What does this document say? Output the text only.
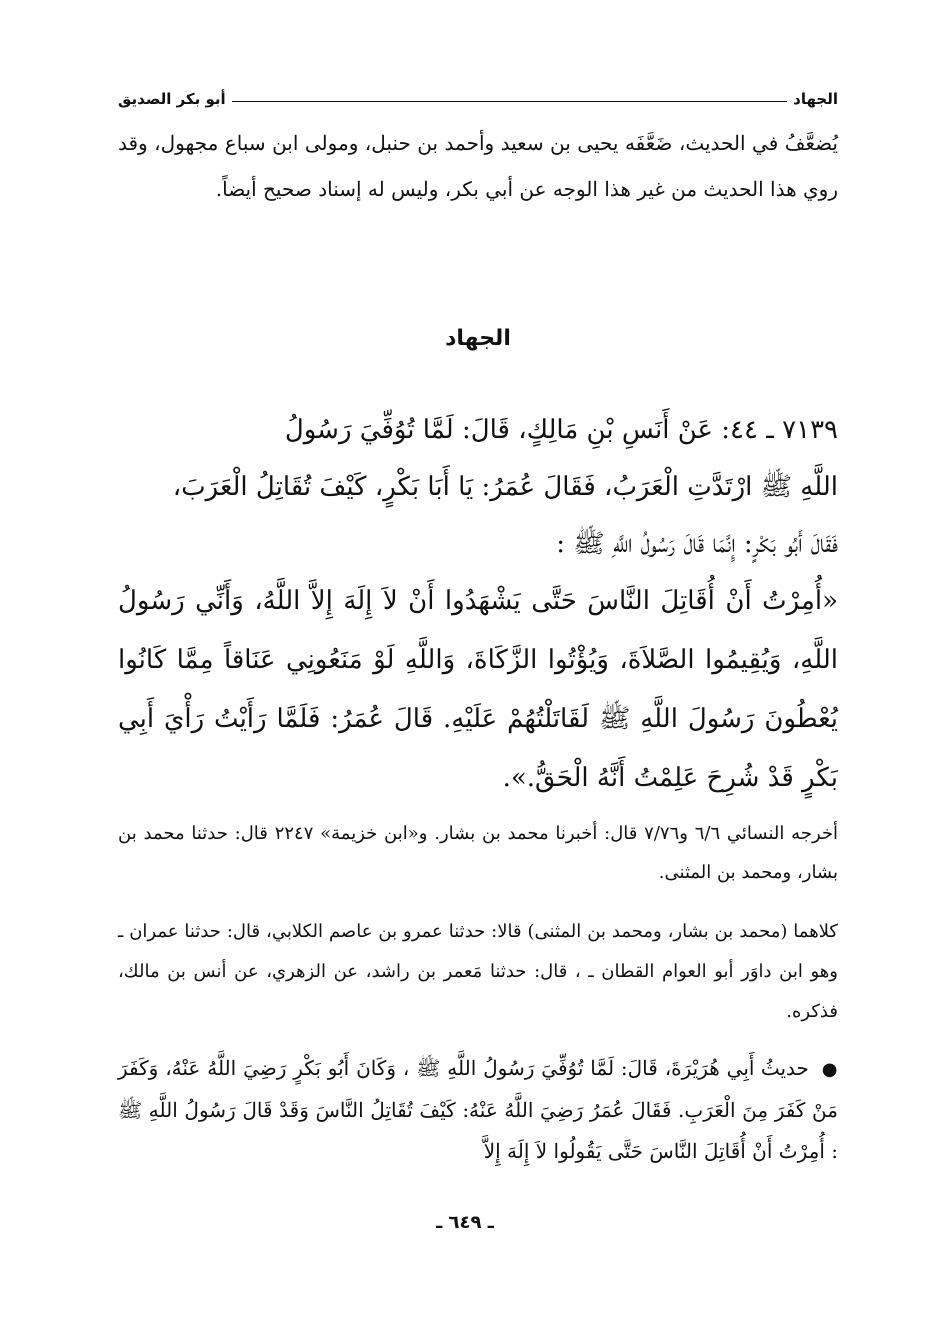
الجهاد
أبو بكر الصديق
يُضعَّفُ في الحديث، ضَعَّفَه يحيى بن سعيد وأحمد بن حنبل، ومولى ابن سباع مجهول، وقد روي هذا الحديث من غير هذا الوجه عن أبي بكر، وليس له إسناد صحيح أيضاً.
الجهاد
٧١٣٩ ـ ٤٤: عَنْ أَنَسِ بْنِ مَالِكٍ، قَالَ: لَمَّا تُوُفِّيَ رَسُولُ
اللَّهِ ﷺ ارْتَدَّتِ الْعَرَبُ، فَقَالَ عُمَرُ: يَا أَبَا بَكْرٍ، كَيْفَ تُقَاتِلُ الْعَرَبَ،
فَقَالَ أَبُو بَكْرٍ: إِنَّمَا قَالَ رَسُولُ اللَّهِ ﷺ :
«أُمِرْتُ أَنْ أُقَاتِلَ النَّاسَ حَتَّى يَشْهَدُوا أَنْ لاَ إِلَهَ إِلاَّ اللَّهُ، وَأَنِّي رَسُولُ اللَّهِ، وَيُقِيمُوا الصَّلاَةَ، وَيُؤْتُوا الزَّكَاةَ، وَاللَّهِ لَوْ مَنَعُونِي عَنَاقاً مِمَّا كَانُوا يُعْطُونَ رَسُولَ اللَّهِ ﷺ لَقَاتَلْتُهُمْ عَلَيْهِ. قَالَ عُمَرُ: فَلَمَّا رَأَيْتُ رَأْيَ أَبِي بَكْرٍ قَدْ شُرِحَ عَلِمْتُ أَنَّهُ الْحَقُّ.».
أخرجه النسائي ٦/٦ و٧/٧٦ قال: أخبرنا محمد بن بشار. و«ابن خزيمة» ٢٢٤٧ قال: حدثنا محمد بن بشار، ومحمد بن المثنى.
كلاهما (محمد بن بشار، ومحمد بن المثنى) قالا: حدثنا عمرو بن عاصم الكلابي، قال: حدثنا عمران ـ وهو ابن داوَر أبو العوام القطان ـ ، قال: حدثنا مَعمر بن راشد، عن الزهري، عن أنس بن مالك، فذكره.
● حديثُ أَبِي هُرَيْرَةَ، قَالَ: لَمَّا تُوُفِّيَ رَسُولُ اللَّهِ ﷺ ، وَكَانَ أَبُو بَكْرٍ رَضِيَ اللَّهُ عَنْهُ، وَكَفَرَ مَنْ كَفَرَ مِنَ الْعَرَبِ. فَقَالَ عُمَرُ رَضِيَ اللَّهُ عَنْهُ: كَيْفَ تُقَاتِلُ النَّاسَ وَقَدْ قَالَ رَسُولُ اللَّهِ ﷺ : أُمِرْتُ أَنْ أُقَاتِلَ النَّاسَ حَتَّى يَقُولُوا لاَ إِلَهَ إِلاَّ
ـ ٦٤٩ ـ
